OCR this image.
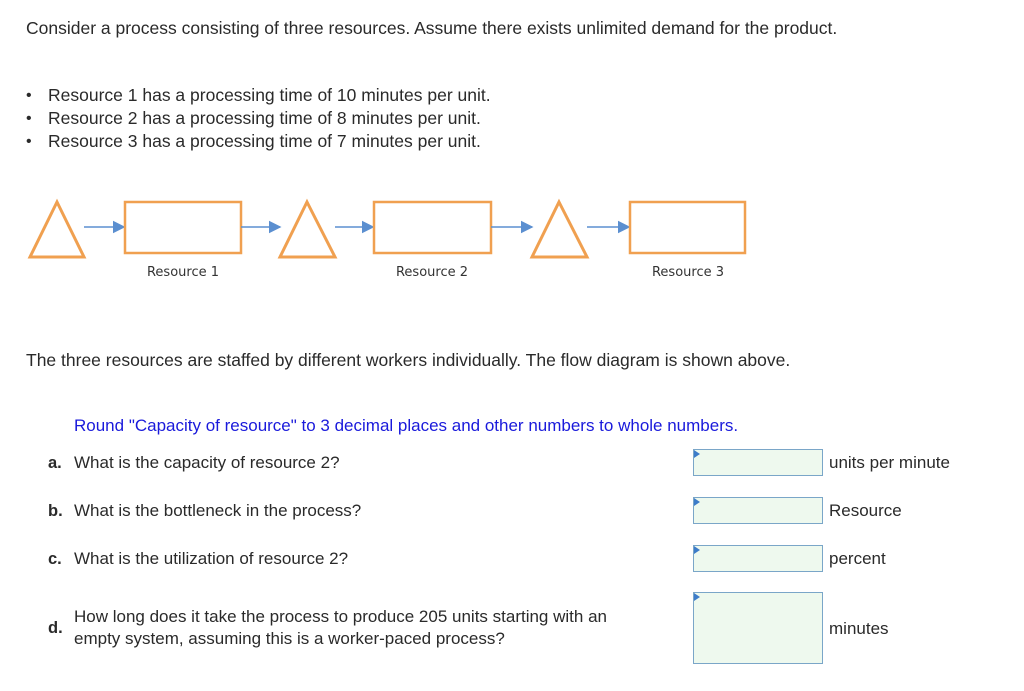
Consider a process consisting of three resources. Assume there exists unlimited demand for the product.
• Resource 1 has a processing time of 10 minutes per unit.
• Resource 2 has a processing time of 8 minutes per unit.
• Resource 3 has a processing time of 7 minutes per unit.
Resource 1	Resource 2	Resource 3
The three resources are staffed by different workers individually. The flow diagram is shown above.
Round "Capacity of resource" to 3 decimal places and other numbers to whole numbers.
a. What is the capacity of resource 2?	units per minute
b. What is the bottleneck in the process?	Resource
c. What is the utilization of resource 2?	percent
d.
How long does it take the process to produce 205 units starting with an
empty system, assuming this is a worker-paced process?
minutes
